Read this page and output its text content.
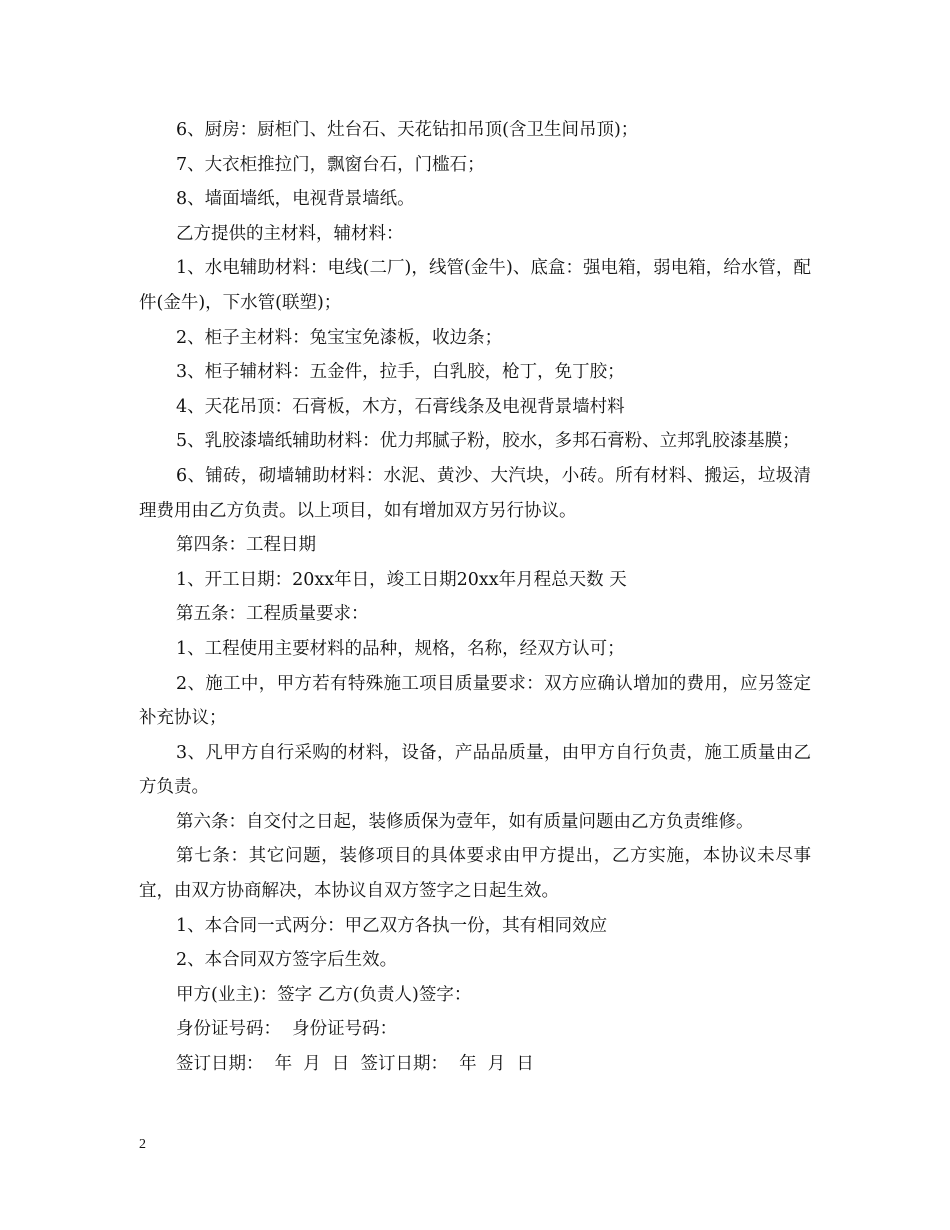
6、厨房：厨柜门、灶台石、天花钻扣吊顶(含卫生间吊顶)；

7、大衣柜推拉门，飘窗台石，门槛石；

8、墙面墙纸，电视背景墙纸。

乙方提供的主材料，辅材料：

1、水电辅助材料：电线(二厂)，线管(金牛)、底盒：强电箱，弱电箱，给水管，配件(金牛)，下水管(联塑)；

2、柜子主材料：兔宝宝免漆板，收边条；

3、柜子辅材料：五金件，拉手，白乳胶，枪丁，免丁胶；

4、天花吊顶：石膏板，木方，石膏线条及电视背景墙村料

5、乳胶漆墙纸辅助材料：优力邦腻子粉，胶水，多邦石膏粉、立邦乳胶漆基膜；

6、铺砖，砌墙辅助材料：水泥、黄沙、大汽块，小砖。所有材料、搬运，垃圾清理费用由乙方负责。以上项目，如有增加双方另行协议。

第四条：工程日期

1、开工日期：20xx年日，竣工日期20xx年月程总天数 天

第五条：工程质量要求：

1、工程使用主要材料的品种，规格，名称，经双方认可；

2、施工中，甲方若有特殊施工项目质量要求：双方应确认增加的费用，应另签定补充协议；

3、凡甲方自行采购的材料，设备，产品品质量，由甲方自行负责，施工质量由乙方负责。

第六条：自交付之日起，装修质保为壹年，如有质量问题由乙方负责维修。

第七条：其它问题，装修项目的具体要求由甲方提出，乙方实施，本协议未尽事宜，由双方协商解决，本协议自双方签字之日起生效。

1、本合同一式两分：甲乙双方各执一份，其有相同效应

2、本合同双方签字后生效。

甲方(业主)：签字 乙方(负责人)签字：

身份证号码：  身份证号码：

签订日期：  年  月  日  签订日期：  年  月  日

2
